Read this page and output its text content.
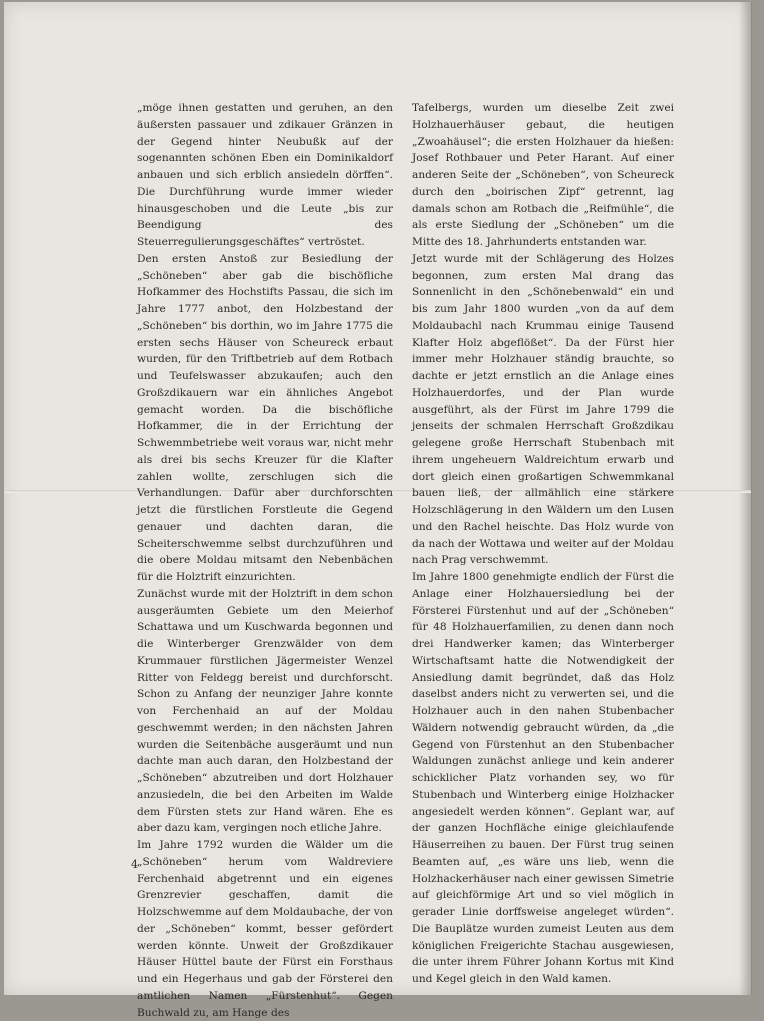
„möge ihnen gestatten und geruhen, an den äußersten passauer und zdikauer Gränzen in der Gegend hinter Neubußk auf der sogenannten schönen Eben ein Dominikaldorf anbauen und sich erblich ansiedeln dörffen“. Die Durchführung wurde immer wieder hinausgeschoben und die Leute „bis zur Beendigung des Steuerregulierungsgeschäftes“ vertröstet.

Den ersten Anstoß zur Besiedlung der „Schöneben“ aber gab die bischöfliche Hofkammer des Hochstifts Passau, die sich im Jahre 1777 anbot, den Holzbestand der „Schöneben“ bis dorthin, wo im Jahre 1775 die ersten sechs Häuser von Scheureck erbaut wurden, für den Triftbetrieb auf dem Rotbach und Teufelswasser abzukaufen; auch den Großzdikauern war ein ähnliches Angebot gemacht worden. Da die bischöfliche Hofkammer, die in der Errichtung der Schwemmbetriebe weit voraus war, nicht mehr als drei bis sechs Kreuzer für die Klafter zahlen wollte, zerschlugen sich die Verhandlungen. Dafür aber durchforschten jetzt die fürstlichen Forstleute die Gegend genauer und dachten daran, die Scheiterschwemme selbst durchzuführen und die obere Moldau mitsamt den Nebenbächen für die Holztrift einzurichten.

Zunächst wurde mit der Holztrift in dem schon ausgeräumten Gebiete um den Meierhof Schattawa und um Kuschwarda begonnen und die Winterberger Grenzwälder von dem Krummauer fürstlichen Jägermeister Wenzel Ritter von Feldegg bereist und durchforscht. Schon zu Anfang der neunziger Jahre konnte von Ferchenhaid an auf der Moldau geschwemmt werden; in den nächsten Jahren wurden die Seitenbäche ausgeräumt und nun dachte man auch daran, den Holzbestand der „Schöneben“ abzutreiben und dort Holzhauer anzusiedeln, die bei den Arbeiten im Walde dem Fürsten stets zur Hand wären. Ehe es aber dazu kam, vergingen noch etliche Jahre.

Im Jahre 1792 wurden die Wälder um die „Schöneben“ herum vom Waldreviere Ferchenhaid abgetrennt und ein eigenes Grenzrevier geschaffen, damit die Holzschwemme auf dem Moldaubache, der von der „Schöneben“ kommt, besser gefördert werden könnte. Unweit der Großzdikauer Häuser Hüttel baute der Fürst ein Forsthaus und ein Hegerhaus und gab der Försterei den amtlichen Namen „Fürstenhut“. Gegen Buchwald zu, am Hange des

Tafelbergs, wurden um dieselbe Zeit zwei Holzhauerhäuser gebaut, die heutigen „Zwoahäusel“; die ersten Holzhauer da hießen: Josef Rothbauer und Peter Harant. Auf einer anderen Seite der „Schöneben“, von Scheureck durch den „boirischen Zipf“ getrennt, lag damals schon am Rotbach die „Reifmühle“, die als erste Siedlung der „Schöneben“ um die Mitte des 18. Jahrhunderts entstanden war.

Jetzt wurde mit der Schlägerung des Holzes begonnen, zum ersten Mal drang das Sonnenlicht in den „Schönebenwald“ ein und bis zum Jahr 1800 wurden „von da auf dem Moldaubachl nach Krummau einige Tausend Klafter Holz abgeflößet“. Da der Fürst hier immer mehr Holzhauer ständig brauchte, so dachte er jetzt ernstlich an die Anlage eines Holzhauerdorfes, und der Plan wurde ausgeführt, als der Fürst im Jahre 1799 die jenseits der schmalen Herrschaft Großzdikau gelegene große Herrschaft Stubenbach mit ihrem ungeheuern Waldreichtum erwarb und dort gleich einen großartigen Schwemmkanal bauen ließ, der allmählich eine stärkere Holzschlägerung in den Wäldern um den Lusen und den Rachel heischte. Das Holz wurde von da nach der Wottawa und weiter auf der Moldau nach Prag verschwemmt.

Im Jahre 1800 genehmigte endlich der Fürst die Anlage einer Holzhauersiedlung bei der Försterei Fürstenhut und auf der „Schöneben“ für 48 Holzhauerfamilien, zu denen dann noch drei Handwerker kamen; das Winterberger Wirtschaftsamt hatte die Notwendigkeit der Ansiedlung damit begründet, daß das Holz daselbst anders nicht zu verwerten sei, und die Holzhauer auch in den nahen Stubenbacher Wäldern notwendig gebraucht würden, da „die Gegend von Fürstenhut an den Stubenbacher Waldungen zunächst anliege und kein anderer schicklicher Platz vorhanden sey, wo für Stubenbach und Winterberg einige Holzhacker angesiedelt werden können“. Geplant war, auf der ganzen Hochfläche einige gleichlaufende Häuserreihen zu bauen. Der Fürst trug seinen Beamten auf, „es wäre uns lieb, wenn die Holzhackerhäuser nach einer gewissen Simetrie auf gleichförmige Art und so viel möglich in gerader Linie dorffsweise angeleget würden“. Die Bauplätze wurden zumeist Leuten aus dem königlichen Freigerichte Stachau ausgewiesen, die unter ihrem Führer Johann Kortus mit Kind und Kegel gleich in den Wald kamen.

4
